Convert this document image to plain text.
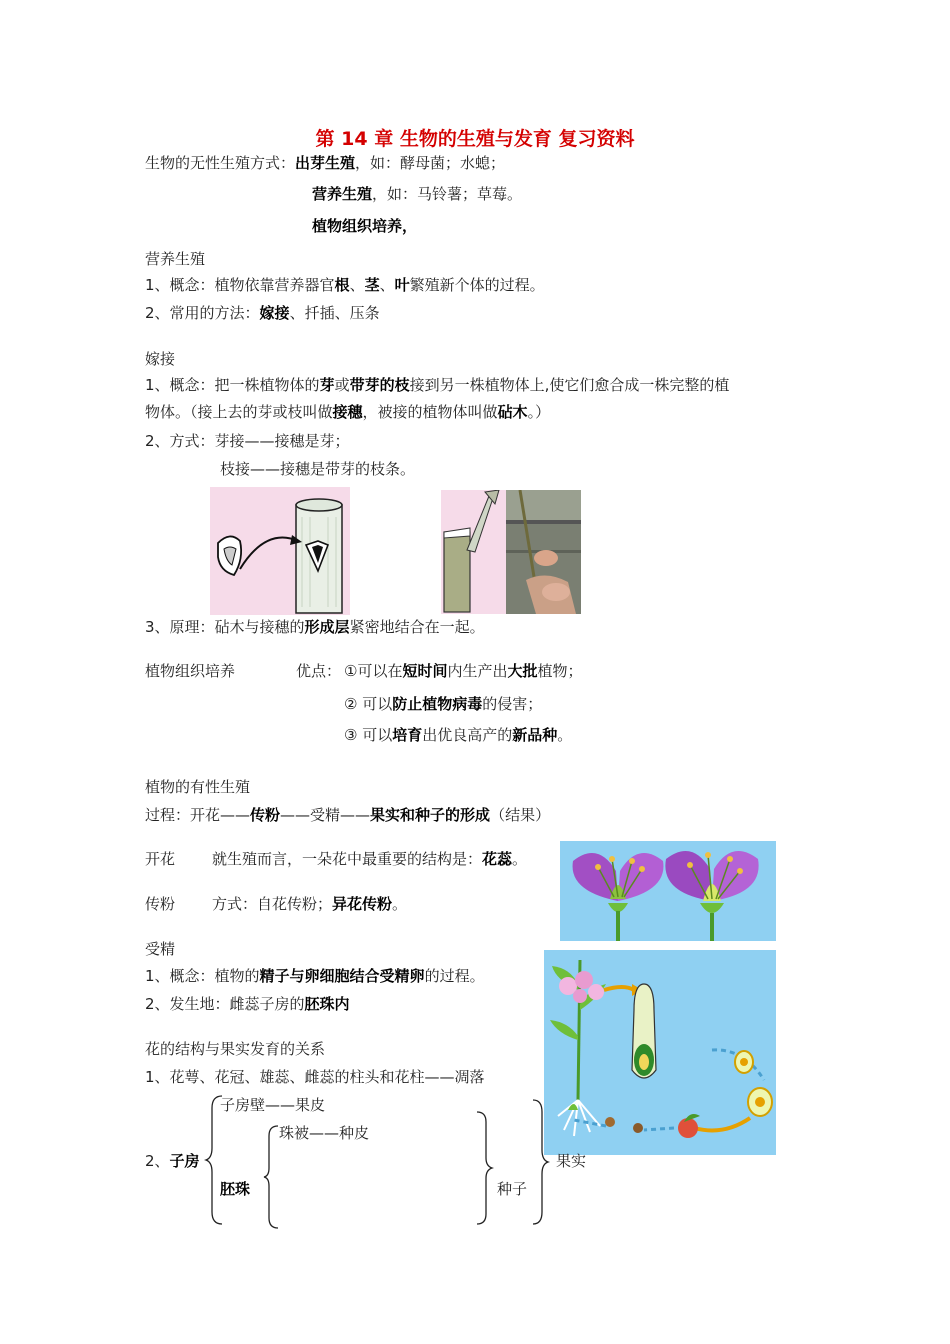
第 14 章 生物的生殖与发育 复习资料
生物的无性生殖方式：出芽生殖，如：酵母菌；水螅；
营养生殖，如：马铃薯；草莓。
植物组织培养，
营养生殖
1、概念：植物依靠营养器官根、茎、叶繁殖新个体的过程。
2、常用的方法：嫁接、扦插、压条
嫁接
1、概念：把一株植物体的芽或带芽的枝接到另一株植物体上,使它们愈合成一株完整的植
物体。（接上去的芽或枝叫做接穗，被接的植物体叫做砧木。）
2、方式：芽接——接穗是芽；
枝接——接穗是带芽的枝条。
3、原理：砧木与接穗的形成层紧密地结合在一起。
植物组织培养	优点： ①可以在短时间内生产出大批植物；
② 可以防止植物病毒的侵害；
③ 可以培育出优良高产的新品种。
植物的有性生殖
过程：开花——传粉——受精——果实和种子的形成（结果）
开花 就生殖而言，一朵花中最重要的结构是：花蕊。
传粉 方式：自花传粉；异花传粉。
受精
1、概念：植物的精子与卵细胞结合受精卵的过程。
2、发生地：雌蕊子房的胚珠内
花的结构与果实发育的关系
1、花萼、花冠、雄蕊、雌蕊的柱头和花柱——凋落
子房壁——果皮
珠被——种皮
2、子房
胚珠	种子
果实
